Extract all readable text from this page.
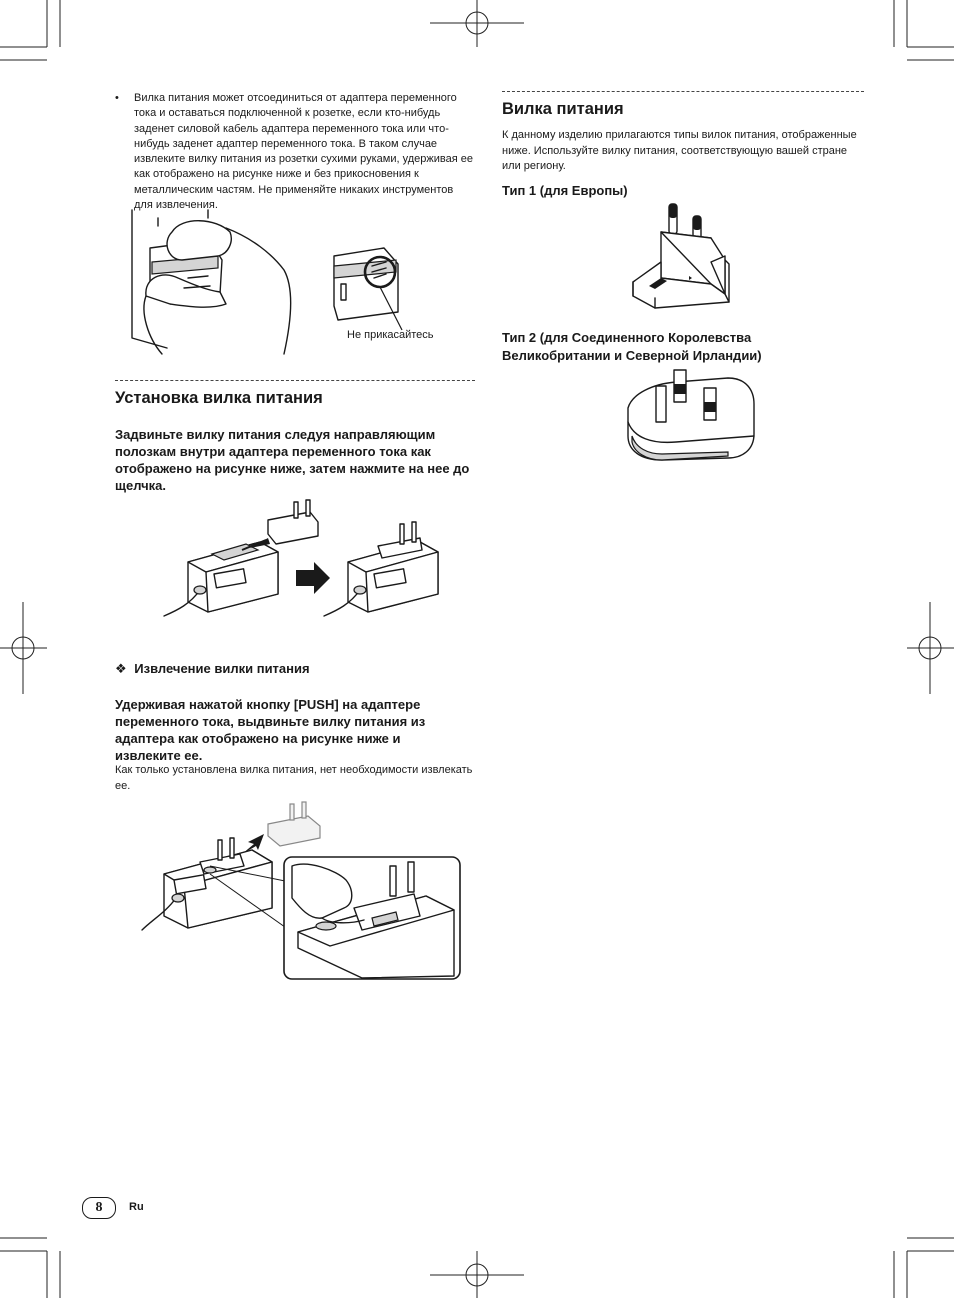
• Вилка питания может отсоединиться от адаптера переменного тока и оставаться подключенной к розетке, если кто-нибудь заденет силовой кабель адаптера переменного тока или что-нибудь заденет адаптер переменного тока. В таком случае извлеките вилку питания из розетки сухими руками, удерживая ее как отображено на рисунке ниже и без прикосновения к металлическим частям. Не применяйте никаких инструментов для извлечения.
Не прикасайтесь
Установка вилка питания
Задвиньте вилку питания следуя направляющим полозкам внутри адаптера переменного тока как отображено на рисунке ниже, затем нажмите на нее до щелчка.
❖ Извлечение вилки питания
Удерживая нажатой кнопку [PUSH] на адаптере переменного тока, выдвиньте вилку питания из адаптера как отображено на рисунке ниже и извлеките ее.
Как только установлена вилка питания, нет необходимости извлекать ее.
Вилка питания
К данному изделию прилагаются типы вилок питания, отображенные ниже. Используйте вилку питания, соответствующую вашей стране или региону.
Тип 1 (для Европы)
Тип 2 (для Соединенного Королевства Великобритании и Северной Ирландии)
8	Ru
